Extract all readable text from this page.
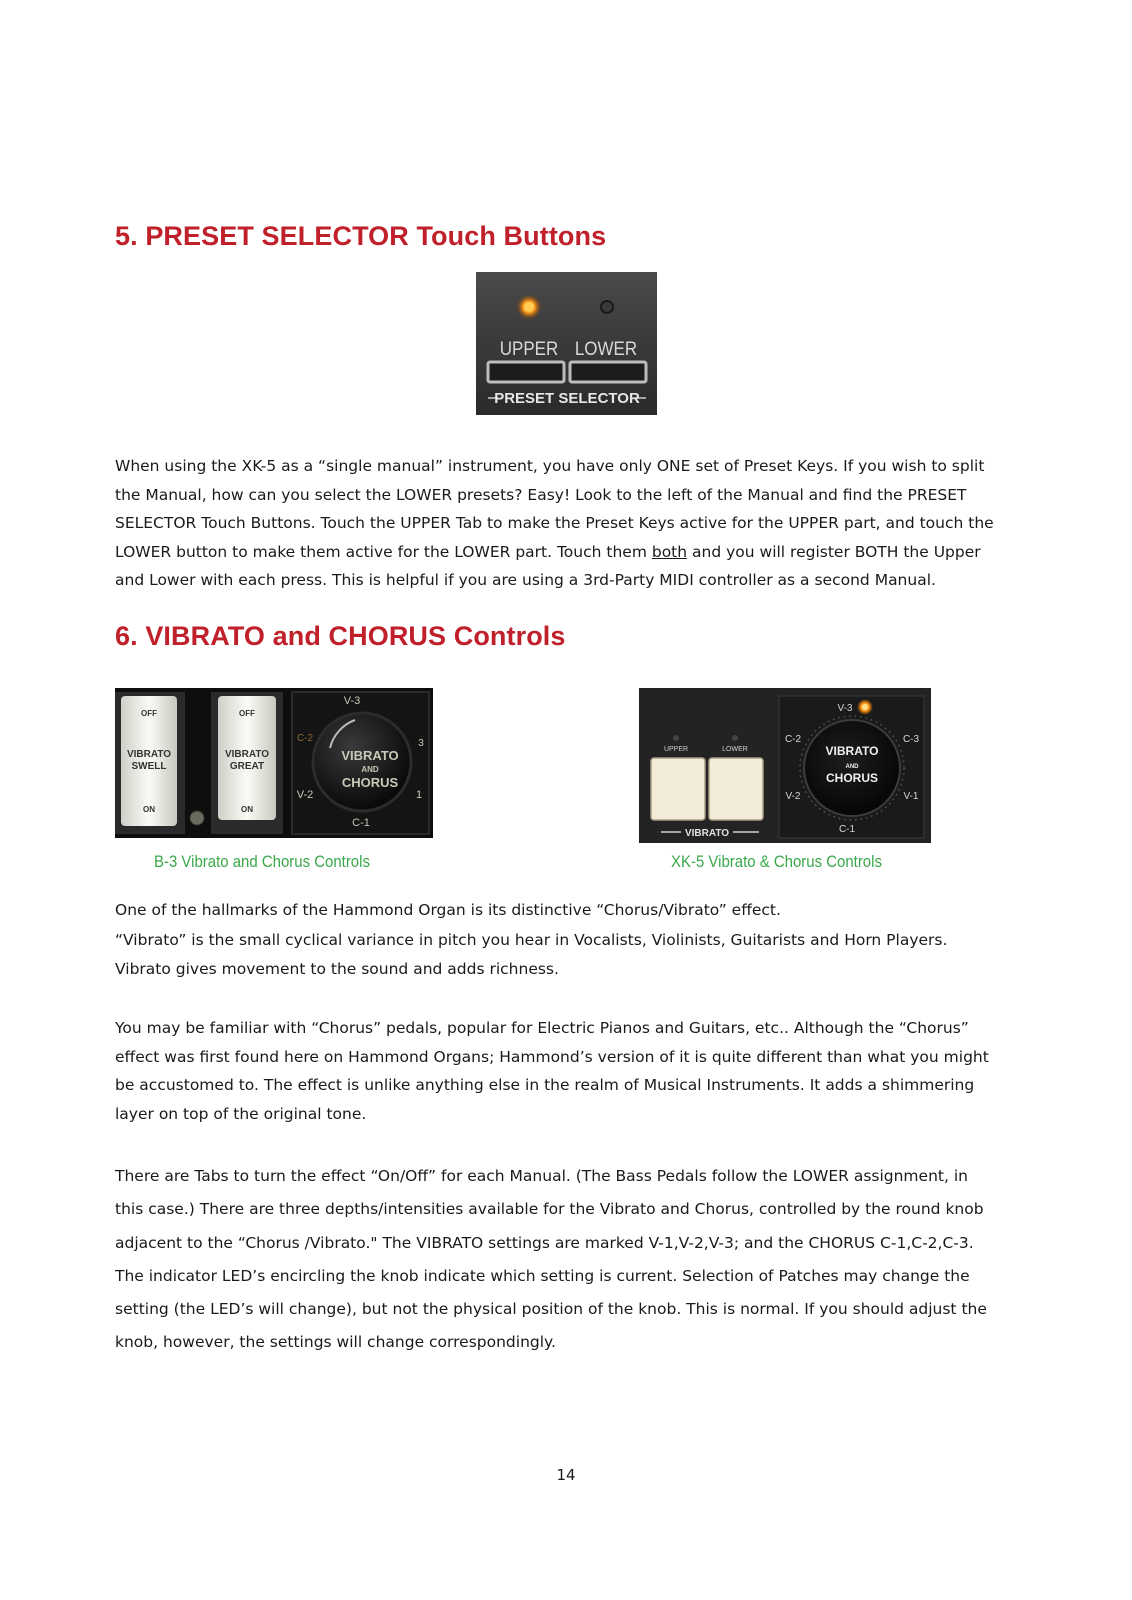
5. PRESET SELECTOR Touch Buttons
UPPER LOWER
PRESET SELECTOR

When using the XK-5 as a “single manual” instrument, you have only ONE set of Preset Keys. If you wish to split
the Manual, how can you select the LOWER presets? Easy! Look to the left of the Manual and find the PRESET
SELECTOR Touch Buttons. Touch the UPPER Tab to make the Preset Keys active for the UPPER part, and touch the
LOWER button to make them active for the LOWER part. Touch them both and you will register BOTH the Upper
and Lower with each press. This is helpful if you are using a 3rd-Party MIDI controller as a second Manual.

6. VIBRATO and CHORUS Controls
OFF
VIBRATO
SWELL
ON
OFF
VIBRATO
GREAT
ON
VIBRATO
AND
CHORUS
V-3
C-2	3
V-2	1
C-1
UPPER	LOWER
VIBRATO
VIBRATO
AND
CHORUS
V-3
C-2	C-3
V-2	V-1
C-1

B-3 Vibrato and Chorus Controls	XK-5 Vibrato & Chorus Controls

One of the hallmarks of the Hammond Organ is its distinctive “Chorus/Vibrato” effect.
“Vibrato” is the small cyclical variance in pitch you hear in Vocalists, Violinists, Guitarists and Horn Players.
Vibrato gives movement to the sound and adds richness.

You may be familiar with “Chorus” pedals, popular for Electric Pianos and Guitars, etc.. Although the “Chorus”
effect was first found here on Hammond Organs; Hammond’s version of it is quite different than what you might
be accustomed to. The effect is unlike anything else in the realm of Musical Instruments. It adds a shimmering
layer on top of the original tone.

There are Tabs to turn the effect “On/Off” for each Manual. (The Bass Pedals follow the LOWER assignment, in
this case.) There are three depths/intensities available for the Vibrato and Chorus, controlled by the round knob
adjacent to the “Chorus /Vibrato." The VIBRATO settings are marked V-1,V-2,V-3; and the CHORUS C-1,C-2,C-3.
The indicator LED’s encircling the knob indicate which setting is current. Selection of Patches may change the
setting (the LED’s will change), but not the physical position of the knob. This is normal. If you should adjust the
knob, however, the settings will change correspondingly.

14
